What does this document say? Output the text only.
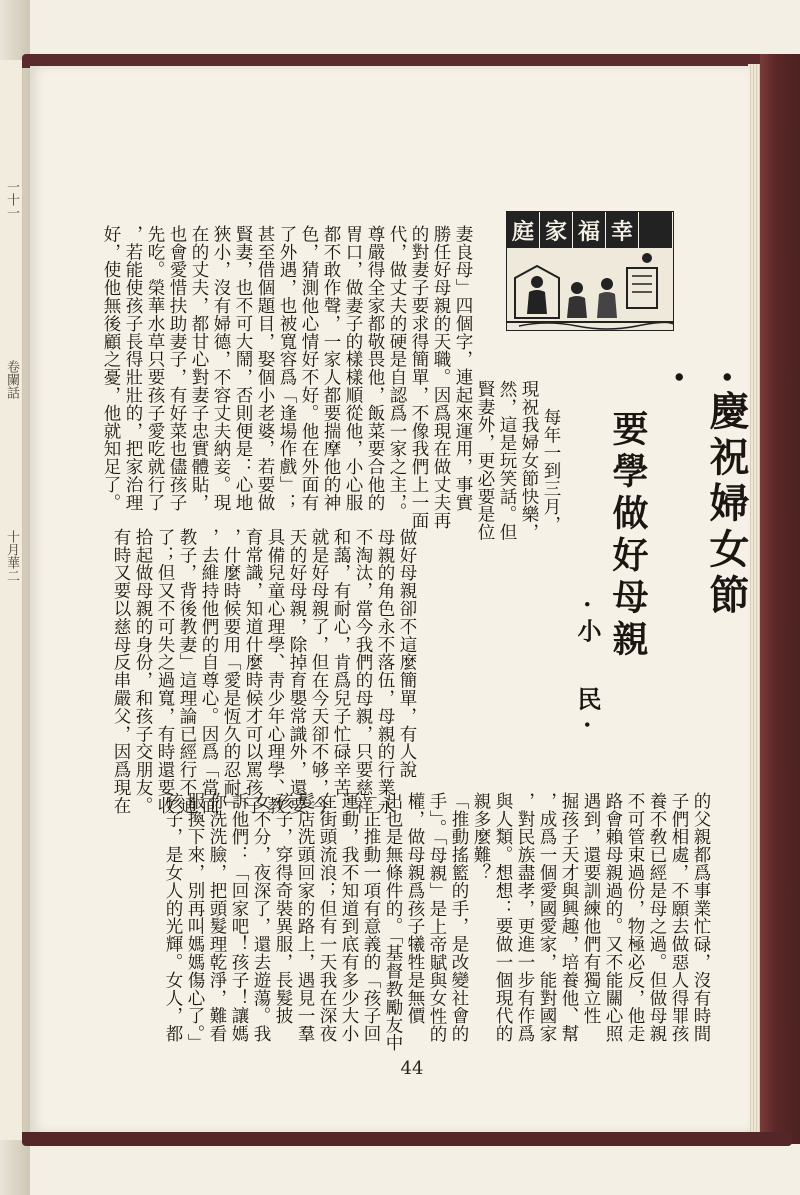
一十一
卷闌話
十月華二
庭 家 福 幸
·慶祝婦女節·
要學做好母親
·小　民·
每年一到三月，
現祝我婦女節快樂，
然，這是玩笑話。但
賢妻外，更必要是位
妻良母」四個字，連起來運用，事實
勝任好母親的天職。因爲現在做丈夫再
的對妻子要求得簡單，不像我們上一面
代，做丈夫的硬是自認爲一家之主，。
尊嚴得全家都敬畏他，飯菜要合他的
胃口，做妻子的樣樣順從他，小心服
都不敢作聲，一家人都要揣摩他的神
色，猜測他心情好不好。他在外面有
了外遇，也被寬容爲「逢場作戲」；
甚至借個題目，娶個小老婆，若要做
賢妻，也不可大鬧，否則便是：心地
狹小，沒有婦德，不容丈夫納妾。現
在的丈夫，都甘心對妻子忠實體貼，
也會愛惜扶助妻子，有好菜也儘孩子
先吃。榮華水草只要孩子愛吃就行了
，若能使孩子長得壯壯的，把家治理
好，使他無後顧之憂，他就知足了。
做好母親卻不這麼簡單，有人說
母親的角色永不落伍，母親的行業永
不淘汰，當今我們的母親，只要慈祥
和藹，有耐心，肯爲兒子忙碌辛苦，
就是好母親了，但在今天卻不够，今
天的好母親，除掉育嬰常識外，還要
具備兒童心理學、靑少年心理學、教
育常識，知道什麼時候才可以罵孩子
，什麼時候要用「愛是恆久的忍耐」
，去維持他們的自尊心。因爲「當面
教子，背後教妻」這理論已經行不通
了；但又不可失之過寬，有時還要收
拾起做母親的身份，和孩子交朋友。
有時又要以慈母反串嚴父，因爲現在	的父親都爲事業忙碌，沒有時間
子們相處，不願去做惡人得罪孩
養不敎已經是母之過。但做母親
不可管束過份，物極必反，他走
路會賴母親過的。又不能關心照
遇到，還要訓練他們有獨立性
掘孩子天才與興趣，培養他、幫
，成爲一個愛國愛家，能對國家
，對民族盡孝，更進一步有作爲
與人類。想想：要做一個現代的
親多麼難？
「推動搖籃的手，是改變社會的
手」。「母親」是上帝賦與女性的
權，做母親爲孩子犧牲是無價
出也是無條件的。「基督教勵友中
」正推動一項有意義的「孩子回
運動，我不知道到底有多少大小
在街頭流浪；但有一天我在深夜
髮店洗頭回家的路上，遇見一羣
孩子，穿得奇裝異服，長髮披
女不分，夜深了，還去遊蕩。我
訴他們：「回家吧！孩子！讓媽
你洗洗臉，把頭髮理乾淨，難看
服換下來，別再叫媽媽傷心了。」
孩子，是女人的光輝。女人，都
44
